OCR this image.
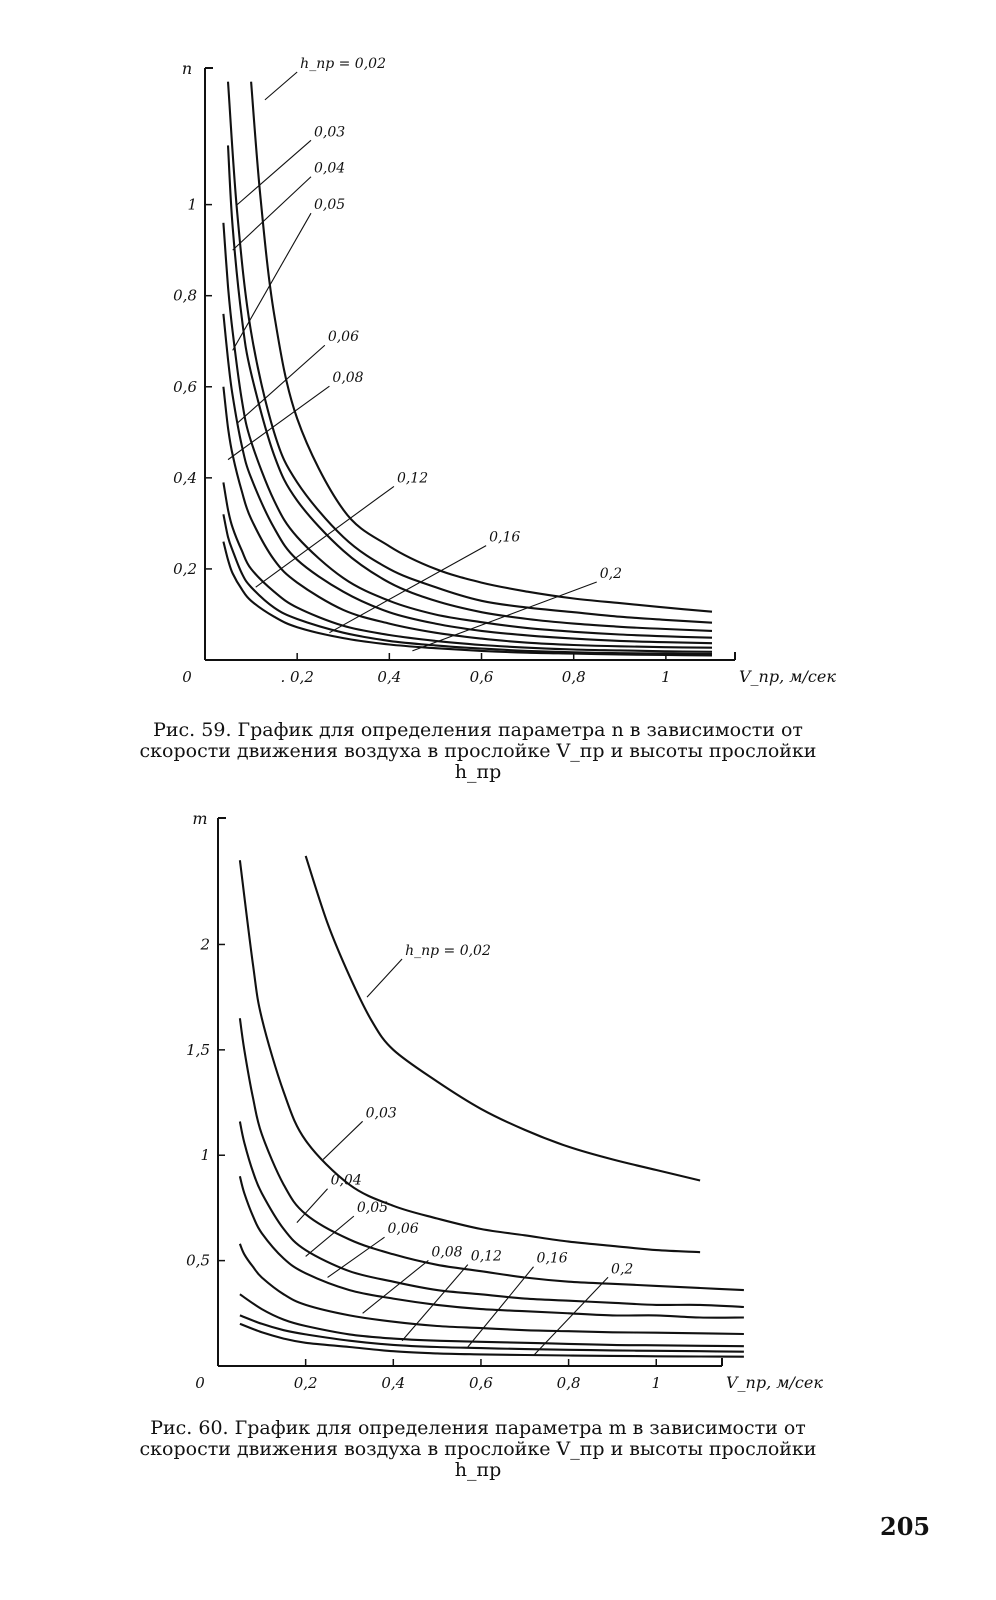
0,2
0,4
0,6
0,8
1
0	. 0,2	0,4	0,6	0,8	1
n
V_пр, м/сек
h_пр = 0,02
0,03
0,04
0,05
0,06
0,08
0,12
0,16
0,2
Рис. 59. График для определения параметра n в зависимости от скорости движения воздуха в прослойке V_пр и высоты прослойки h_пр
0,5
1
1,5
2
0	0,2	0,4	0,6	0,8	1
m
V_пр, м/сек
h_пр = 0,02
0,03
0,04
0,05
0,06
0,08 0,12 0,16
0,2
Рис. 60. График для определения параметра m в зависимости от скорости движения воздуха в прослойке V_пр и высоты прослойки h_пр
205
